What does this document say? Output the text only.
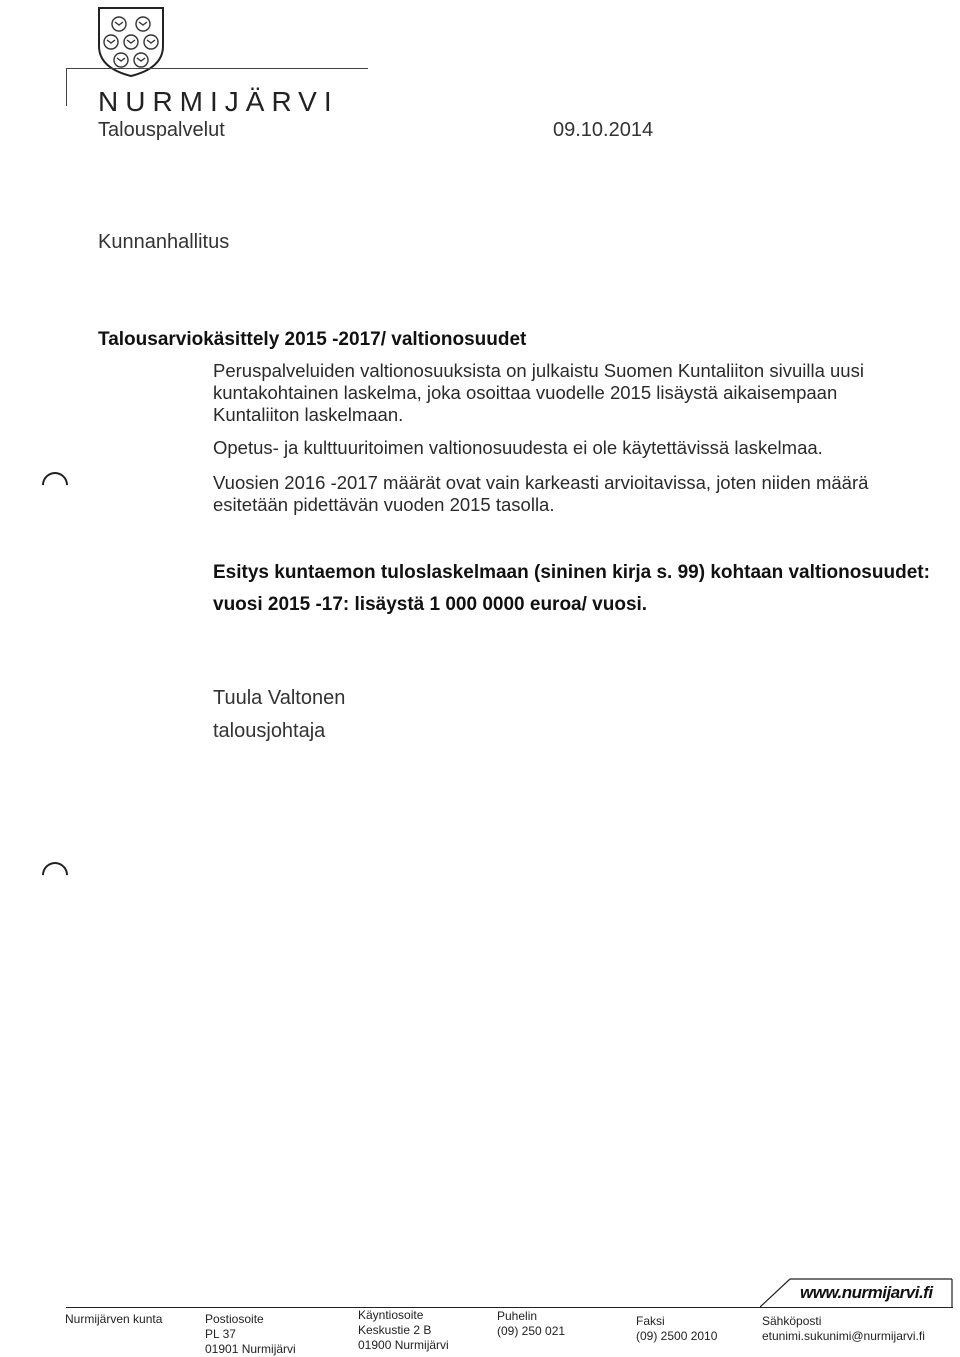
NURMIJÄRVI
Talouspalvelut	09.10.2014
Kunnanhallitus
Talousarviokäsittely 2015 -2017/ valtionosuudet
Peruspalveluiden valtionosuuksista on julkaistu Suomen Kuntaliiton sivuilla uusi kuntakohtainen laskelma, joka osoittaa vuodelle 2015 lisäystä aikaisempaan Kuntaliiton laskelmaan.
Opetus- ja kulttuuritoimen valtionosuudesta ei ole käytettävissä laskelmaa.
Vuosien 2016 -2017 määrät ovat vain karkeasti arvioitavissa, joten niiden määrä esitetään pidettävän vuoden 2015 tasolla.
Esitys kuntaemon tuloslaskelmaan (sininen kirja s. 99) kohtaan valtionosuudet:
vuosi 2015 -17: lisäystä 1 000 0000 euroa/ vuosi.
Tuula Valtonen
talousjohtaja
www.nurmijarvi.fi
Nurmijärven kunta	Postiosoite
PL 37
01901 Nurmijärvi
Käyntiosoite
Keskustie 2 B
01900 Nurmijärvi
Puhelin
(09) 250 021
Faksi
(09) 2500 2010
Sähköposti
etunimi.sukunimi@nurmijarvi.fi
